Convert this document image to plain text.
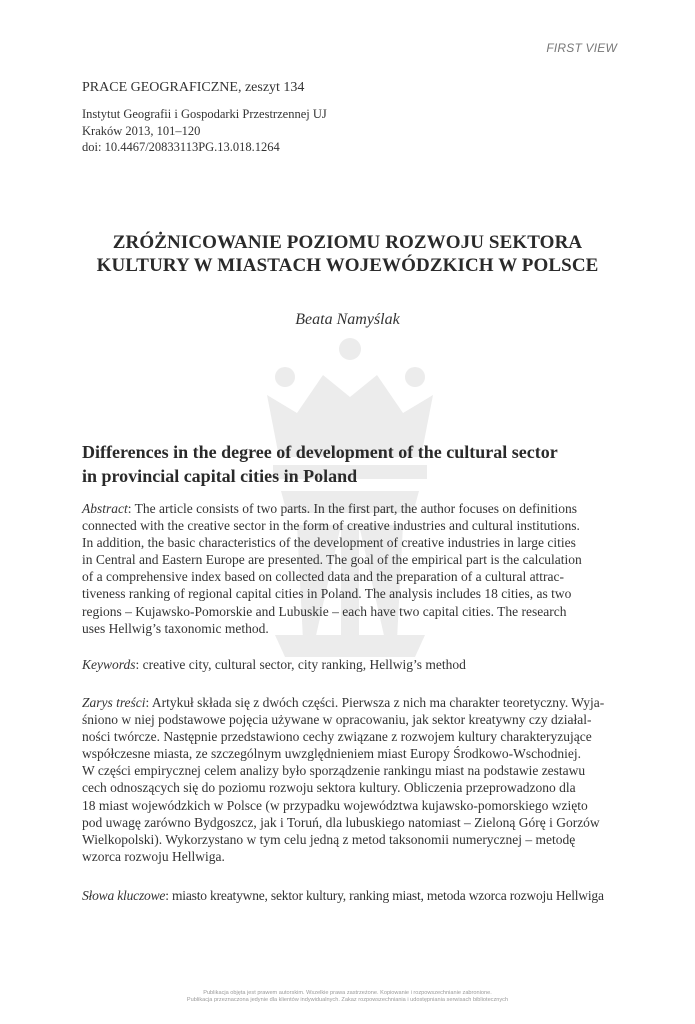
FIRST VIEW
PRACE GEOGRAFICZNE, zeszyt 134
Instytut Geografii i Gospodarki Przestrzennej UJ
Kraków 2013, 101–120
doi: 10.4467/20833113PG.13.018.1264
ZRÓŻNICOWANIE POZIOMU ROZWOJU SEKTORA
KULTURY W MIASTACH WOJEWÓDZKICH W POLSCE
Beata Namyślak
Differences in the degree of development of the cultural sector
in provincial capital cities in Poland
Abstract: The article consists of two parts. In the first part, the author focuses on definitions
connected with the creative sector in the form of creative industries and cultural institutions.
In addition, the basic characteristics of the development of creative industries in large cities
in Central and Eastern Europe are presented. The goal of the empirical part is the calculation
of a comprehensive index based on collected data and the preparation of a cultural attrac-
tiveness ranking of regional capital cities in Poland. The analysis includes 18 cities, as two
regions – Kujawsko-Pomorskie and Lubuskie – each have two capital cities. The research
uses Hellwig’s taxonomic method.
Keywords: creative city, cultural sector, city ranking, Hellwig’s method
Zarys treści: Artykuł składa się z dwóch części. Pierwsza z nich ma charakter teoretyczny. Wyja-
śniono w niej podstawowe pojęcia używane w opracowaniu, jak sektor kreatywny czy działal-
ności twórcze. Następnie przedstawiono cechy związane z rozwojem kultury charakteryzujące
współczesne miasta, ze szczególnym uwzględnieniem miast Europy Środkowo-Wschodniej.
W części empirycznej celem analizy było sporządzenie rankingu miast na podstawie zestawu
cech odnoszących się do poziomu rozwoju sektora kultury. Obliczenia przeprowadzono dla
18 miast wojewódzkich w Polsce (w przypadku województwa kujawsko-pomorskiego wzięto
pod uwagę zarówno Bydgoszcz, jak i Toruń, dla lubuskiego natomiast – Zieloną Górę i Gorzów
Wielkopolski). Wykorzystano w tym celu jedną z metod taksonomii numerycznej – metodę
wzorca rozwoju Hellwiga.
Słowa kluczowe: miasto kreatywne, sektor kultury, ranking miast, metoda wzorca rozwoju Hellwiga
Publikacja objęta jest prawem autorskim. Wszelkie prawa zastrzeżone. Kopiowanie i rozpowszechnianie zabronione.
Publikacja przeznaczona jedynie dla klientów indywidualnych. Zakaz rozpowszechniania i udostępniania serwisach bibliotecznych
